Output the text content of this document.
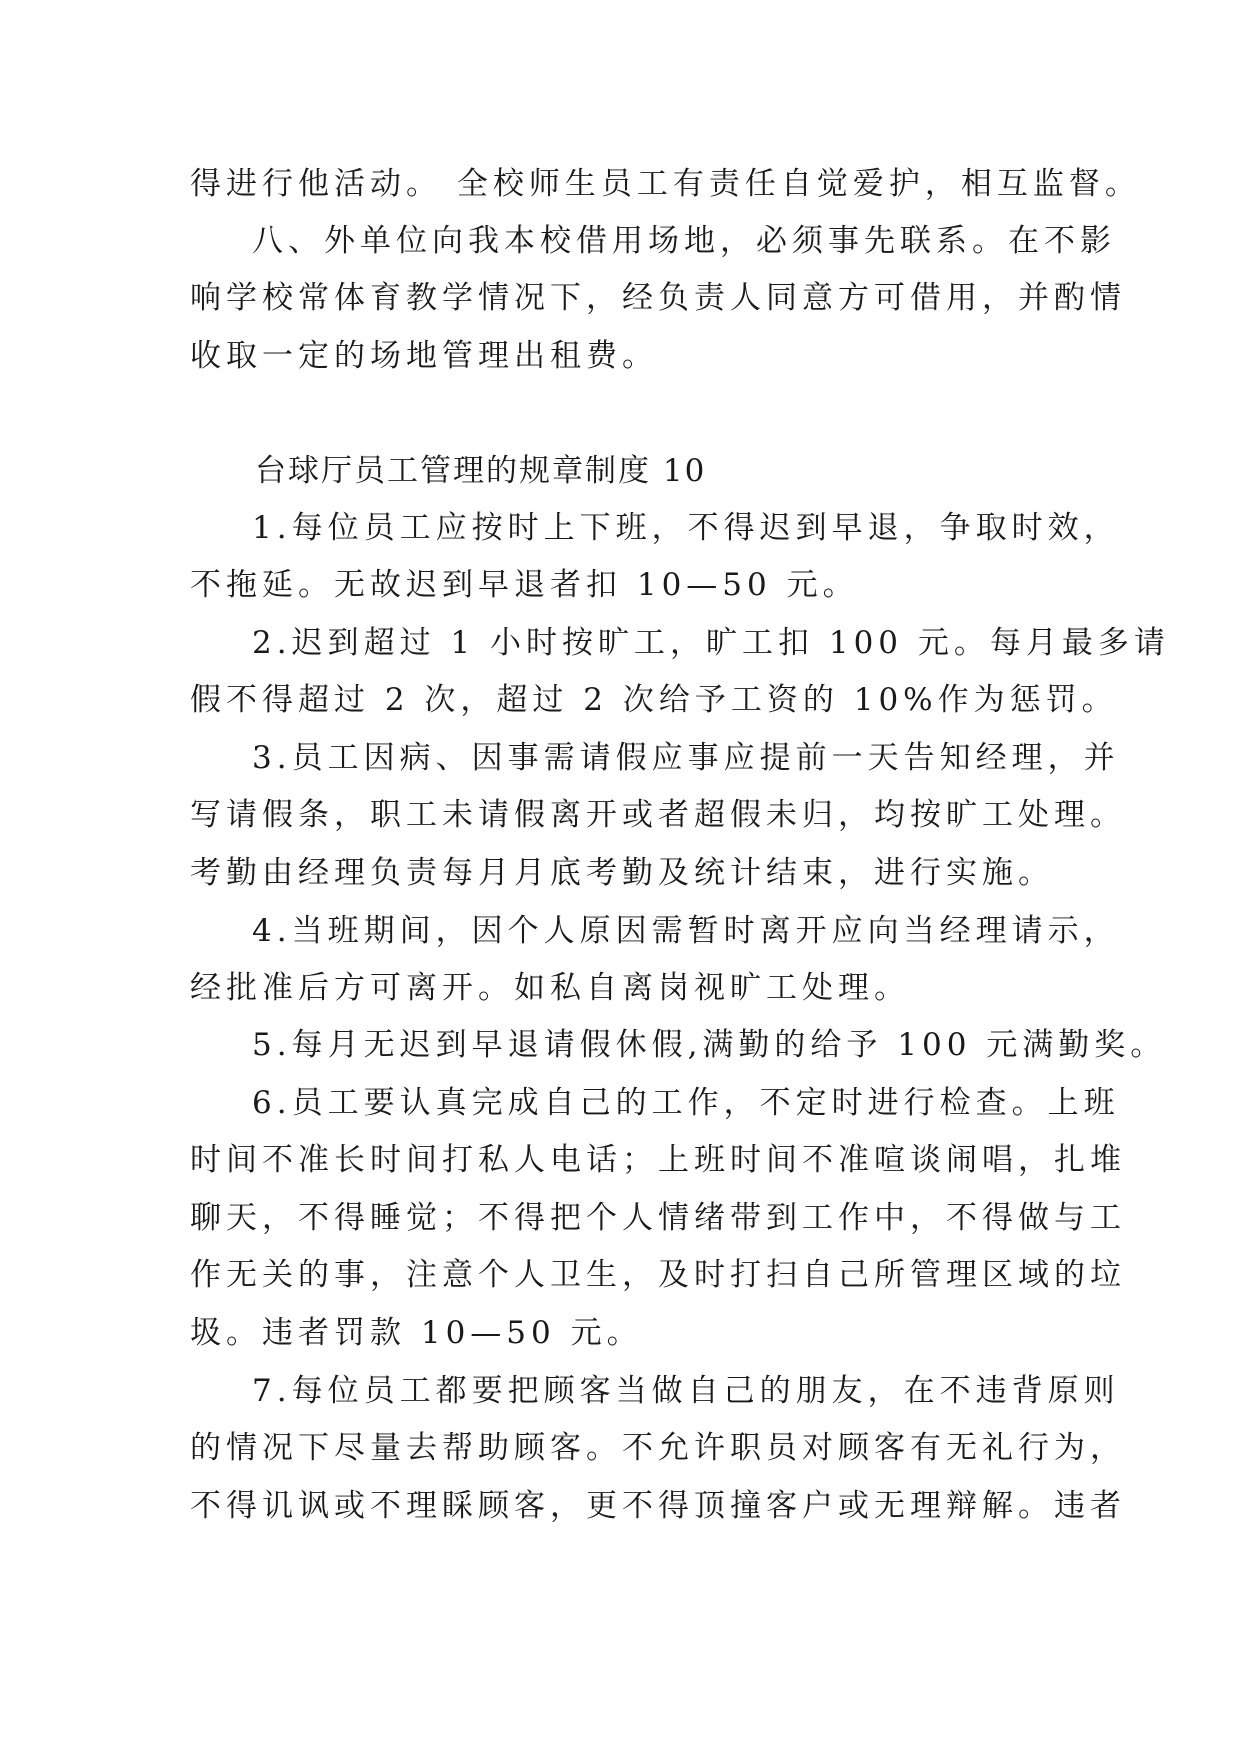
得进行他活动。 全校师生员工有责任自觉爱护，相互监督。
八、外单位向我本校借用场地，必须事先联系。在不影
响学校常体育教学情况下，经负责人同意方可借用，并酌情
收取一定的场地管理出租费。
台球厅员工管理的规章制度 10
1.每位员工应按时上下班，不得迟到早退，争取时效，
不拖延。无故迟到早退者扣 10—50 元。
2.迟到超过 1 小时按旷工，旷工扣 100 元。每月最多请
假不得超过 2 次，超过 2 次给予工资的 10%作为惩罚。
3.员工因病、因事需请假应事应提前一天告知经理，并
写请假条，职工未请假离开或者超假未归，均按旷工处理。
考勤由经理负责每月月底考勤及统计结束，进行实施。
4.当班期间，因个人原因需暂时离开应向当经理请示，
经批准后方可离开。如私自离岗视旷工处理。
5.每月无迟到早退请假休假,满勤的给予 100 元满勤奖。
6.员工要认真完成自己的工作，不定时进行检查。上班
时间不准长时间打私人电话；上班时间不准喧谈闹唱，扎堆
聊天，不得睡觉；不得把个人情绪带到工作中，不得做与工
作无关的事，注意个人卫生，及时打扫自己所管理区域的垃
圾。违者罚款 10—50 元。
7.每位员工都要把顾客当做自己的朋友，在不违背原则
的情况下尽量去帮助顾客。不允许职员对顾客有无礼行为，
不得讥讽或不理睬顾客，更不得顶撞客户或无理辩解。违者
